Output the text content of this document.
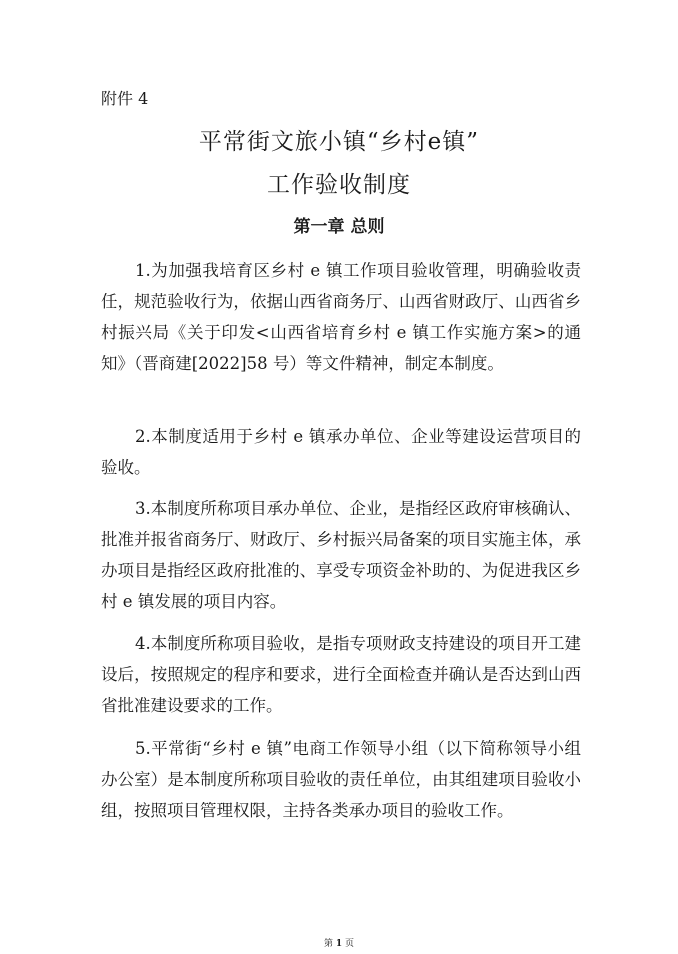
附件 4
平常街文旅小镇“乡村e镇”
工作验收制度
第一章 总则

1.为加强我培育区乡村 e 镇工作项目验收管理，明确验收责任，规范验收行为，依据山西省商务厅、山西省财政厅、山西省乡村振兴局《关于印发<山西省培育乡村 e 镇工作实施方案>的通知》（晋商建[2022]58 号）等文件精神，制定本制度。

2.本制度适用于乡村 e 镇承办单位、企业等建设运营项目的验收。

3.本制度所称项目承办单位、企业，是指经区政府审核确认、批准并报省商务厅、财政厅、乡村振兴局备案的项目实施主体，承办项目是指经区政府批准的、享受专项资金补助的、为促进我区乡村 e 镇发展的项目内容。

4.本制度所称项目验收，是指专项财政支持建设的项目开工建设后，按照规定的程序和要求，进行全面检查并确认是否达到山西省批准建设要求的工作。

5.平常街“乡村 e 镇”电商工作领导小组（以下简称领导小组办公室）是本制度所称项目验收的责任单位，由其组建项目验收小组，按照项目管理权限，主持各类承办项目的验收工作。

第 1 页
